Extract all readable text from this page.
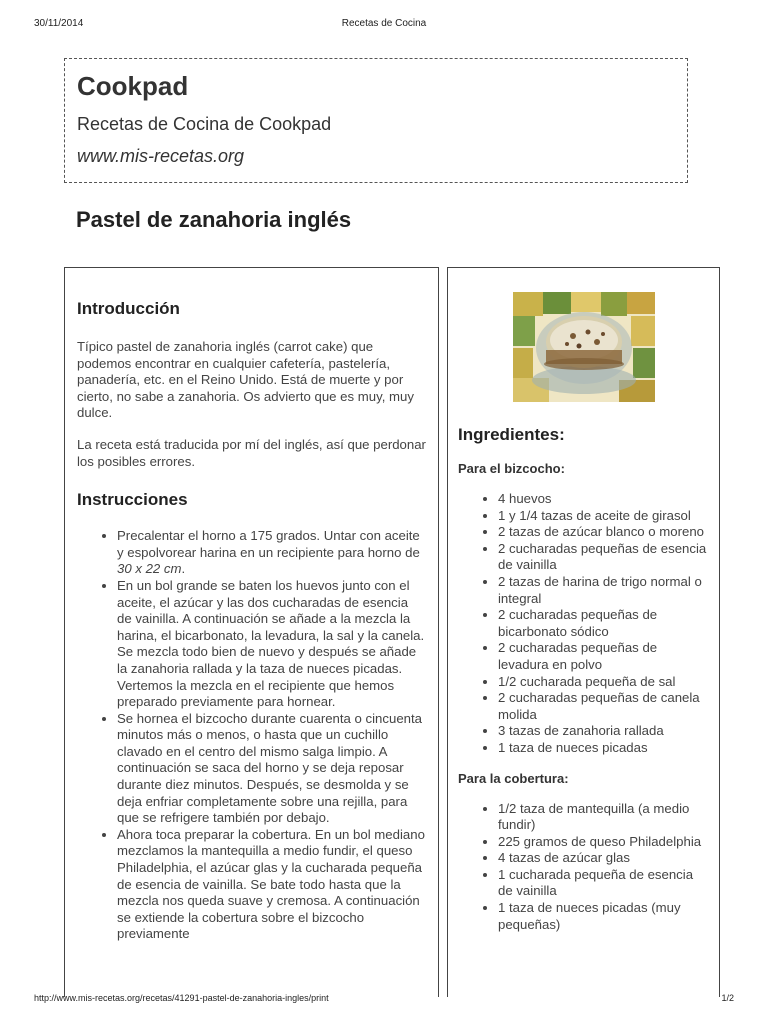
30/11/2014	Recetas de Cocina
Cookpad
Recetas de Cocina de Cookpad
www.mis-recetas.org
Pastel de zanahoria inglés
Introducción

Típico pastel de zanahoria inglés (carrot cake) que podemos encontrar en cualquier cafetería, pastelería, panadería, etc. en el Reino Unido. Está de muerte y por cierto, no sabe a zanahoria. Os advierto que es muy, muy dulce.

La receta está traducida por mí del inglés, así que perdonar los posibles errores.

Instrucciones
• Precalentar el horno a 175 grados. Untar con aceite y espolvorear harina en un recipiente para horno de 30 x 22 cm.
• En un bol grande se baten los huevos junto con el aceite, el azúcar y las dos cucharadas de esencia de vainilla. A continuación se añade a la mezcla la harina, el bicarbonato, la levadura, la sal y la canela. Se mezcla todo bien de nuevo y después se añade la zanahoria rallada y la taza de nueces picadas. Vertemos la mezcla en el recipiente que hemos preparado previamente para hornear.
• Se hornea el bizcocho durante cuarenta o cincuenta minutos más o menos, o hasta que un cuchillo clavado en el centro del mismo salga limpio. A continuación se saca del horno y se deja reposar durante diez minutos. Después, se desmolda y se deja enfriar completamente sobre una rejilla, para que se refrigere también por debajo.
• Ahora toca preparar la cobertura. En un bol mediano mezclamos la mantequilla a medio fundir, el queso Philadelphia, el azúcar glas y la cucharada pequeña de esencia de vainilla. Se bate todo hasta que la mezcla nos queda suave y cremosa. A continuación se extiende la cobertura sobre el bizcocho previamente
Ingredientes:
Para el bizcocho:
• 4 huevos
• 1 y 1/4 tazas de aceite de girasol
• 2 tazas de azúcar blanco o moreno
• 2 cucharadas pequeñas de esencia de vainilla
• 2 tazas de harina de trigo normal o integral
• 2 cucharadas pequeñas de bicarbonato sódico
• 2 cucharadas pequeñas de levadura en polvo
• 1/2 cucharada pequeña de sal
• 2 cucharadas pequeñas de canela molida
• 3 tazas de zanahoria rallada
• 1 taza de nueces picadas
Para la cobertura:
• 1/2 taza de mantequilla (a medio fundir)
• 225 gramos de queso Philadelphia
• 4 tazas de azúcar glas
• 1 cucharada pequeña de esencia de vainilla
• 1 taza de nueces picadas (muy pequeñas)
http://www.mis-recetas.org/recetas/41291-pastel-de-zanahoria-ingles/print	1/2
